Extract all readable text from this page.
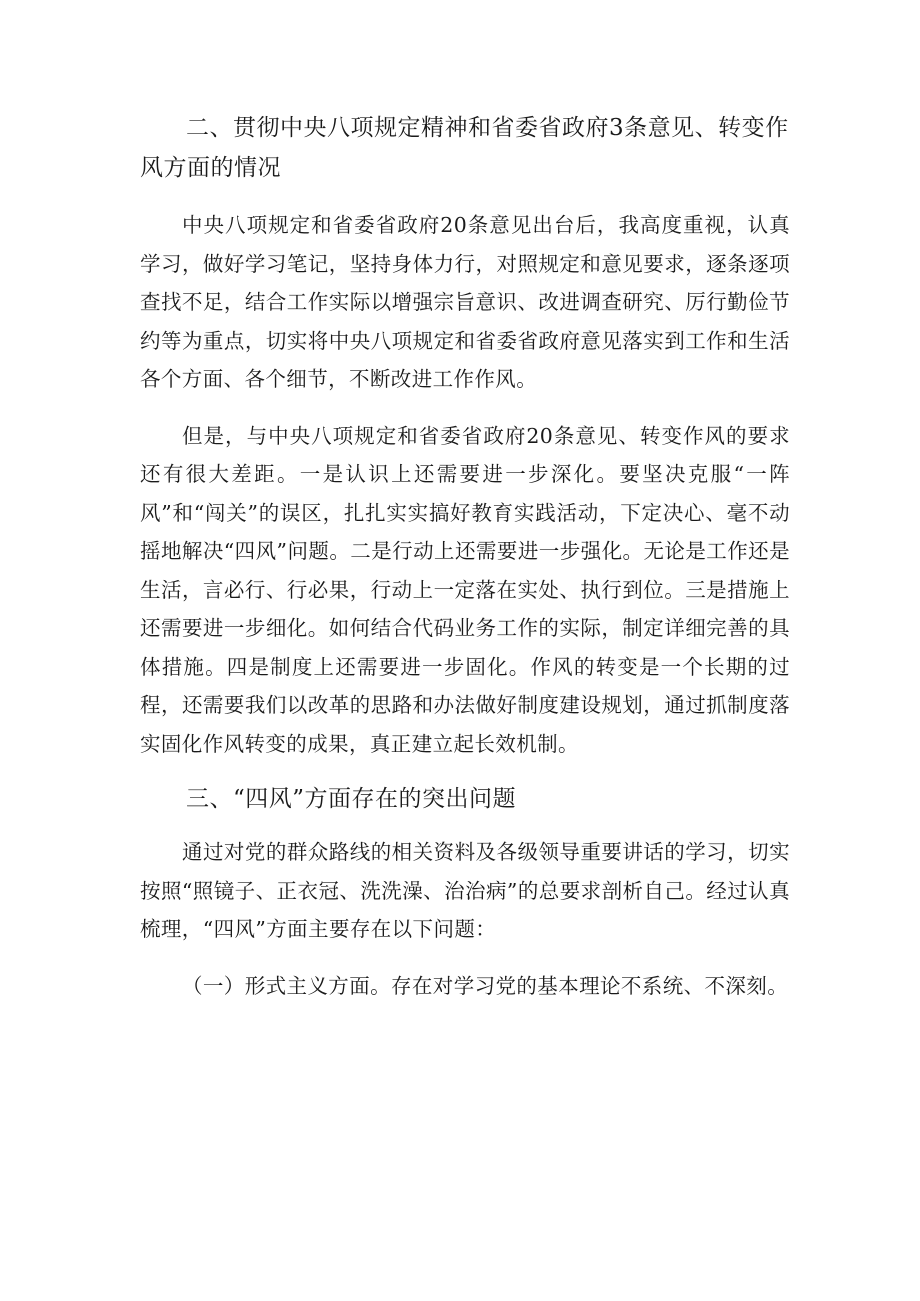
二、贯彻中央八项规定精神和省委省政府3条意见、转变作风方面的情况

中央八项规定和省委省政府20条意见出台后，我高度重视，认真学习，做好学习笔记，坚持身体力行，对照规定和意见要求，逐条逐项查找不足，结合工作实际以增强宗旨意识、改进调查研究、厉行勤俭节约等为重点，切实将中央八项规定和省委省政府意见落实到工作和生活各个方面、各个细节，不断改进工作作风。

但是，与中央八项规定和省委省政府20条意见、转变作风的要求还有很大差距。一是认识上还需要进一步深化。要坚决克服“一阵风”和“闯关”的误区，扎扎实实搞好教育实践活动，下定决心、毫不动摇地解决“四风”问题。二是行动上还需要进一步强化。无论是工作还是生活，言必行、行必果，行动上一定落在实处、执行到位。三是措施上还需要进一步细化。如何结合代码业务工作的实际，制定详细完善的具体措施。四是制度上还需要进一步固化。作风的转变是一个长期的过程，还需要我们以改革的思路和办法做好制度建设规划，通过抓制度落实固化作风转变的成果，真正建立起长效机制。

三、“四风”方面存在的突出问题

通过对党的群众路线的相关资料及各级领导重要讲话的学习，切实按照“照镜子、正衣冠、洗洗澡、治治病”的总要求剖析自己。经过认真梳理，“四风”方面主要存在以下问题：

（一）形式主义方面。存在对学习党的基本理论不系统、不深刻。
